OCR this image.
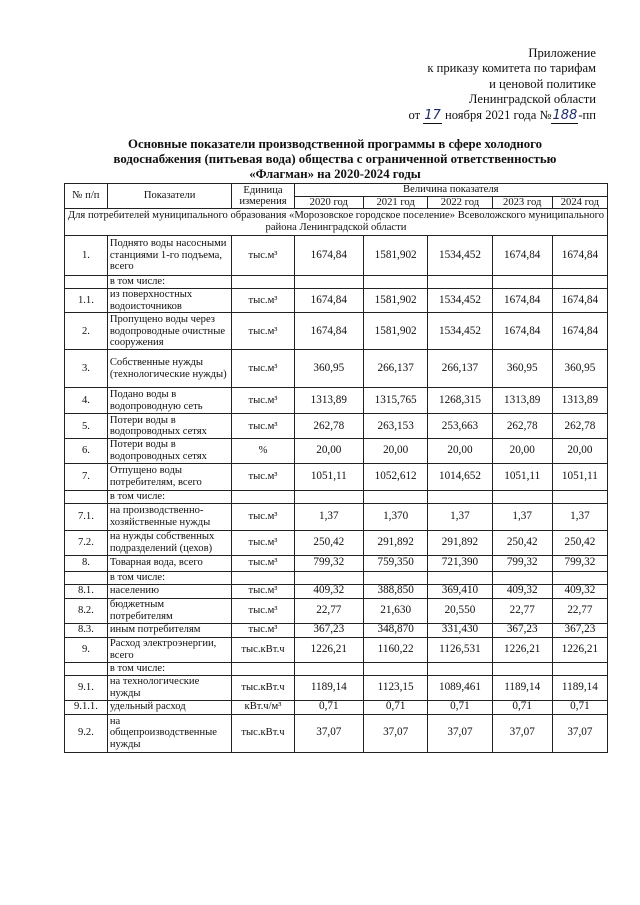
Приложение
к приказу комитета по тарифам
и ценовой политике
Ленинградской области
от 17 ноября 2021 года №188-пп
Основные показатели производственной программы в сфере холодного
водоснабжения (питьевая вода) общества с ограниченной ответственностью
«Флагман» на 2020-2024 годы
№ п/п	Показатели	Единица измерения	Величина показателя				
			2020 год	2021 год	2022 год	2023 год	2024 год
Для потребителей муниципального образования «Морозовское городское поселение» Всеволожского муниципального района Ленинградской области							
1.	Поднято воды насосными станциями 1-го подъема, всего	тыс.м³	1674,84	1581,902	1534,452	1674,84	1674,84
	в том числе:						
1.1.	из поверхностных водоисточников	тыс.м³	1674,84	1581,902	1534,452	1674,84	1674,84
2.	Пропущено воды через водопроводные очистные сооружения	тыс.м³	1674,84	1581,902	1534,452	1674,84	1674,84
3.	Собственные нужды (технологические нужды)	тыс.м³	360,95	266,137	266,137	360,95	360,95
4.	Подано воды в водопроводную сеть	тыс.м³	1313,89	1315,765	1268,315	1313,89	1313,89
5.	Потери воды в водопроводных сетях	тыс.м³	262,78	263,153	253,663	262,78	262,78
6.	Потери воды в водопроводных сетях	%	20,00	20,00	20,00	20,00	20,00
7.	Отпущено воды потребителям, всего	тыс.м³	1051,11	1052,612	1014,652	1051,11	1051,11
	в том числе:						
7.1.	на производственно-хозяйственные нужды	тыс.м³	1,37	1,370	1,37	1,37	1,37
7.2.	на нужды собственных подразделений (цехов)	тыс.м³	250,42	291,892	291,892	250,42	250,42
8.	Товарная вода, всего	тыс.м³	799,32	759,350	721,390	799,32	799,32
	в том числе:						
8.1.	населению	тыс.м³	409,32	388,850	369,410	409,32	409,32
8.2.	бюджетным потребителям	тыс.м³	22,77	21,630	20,550	22,77	22,77
8.3.	иным потребителям	тыс.м³	367,23	348,870	331,430	367,23	367,23
9.	Расход электроэнергии, всего	тыс.кВт.ч	1226,21	1160,22	1126,531	1226,21	1226,21
	в том числе:						
9.1.	на технологические нужды	тыс.кВт.ч	1189,14	1123,15	1089,461	1189,14	1189,14
9.1.1.	удельный расход	кВт.ч/м³	0,71	0,71	0,71	0,71	0,71
9.2.	на общепроизводственные нужды	тыс.кВт.ч	37,07	37,07	37,07	37,07	37,07
